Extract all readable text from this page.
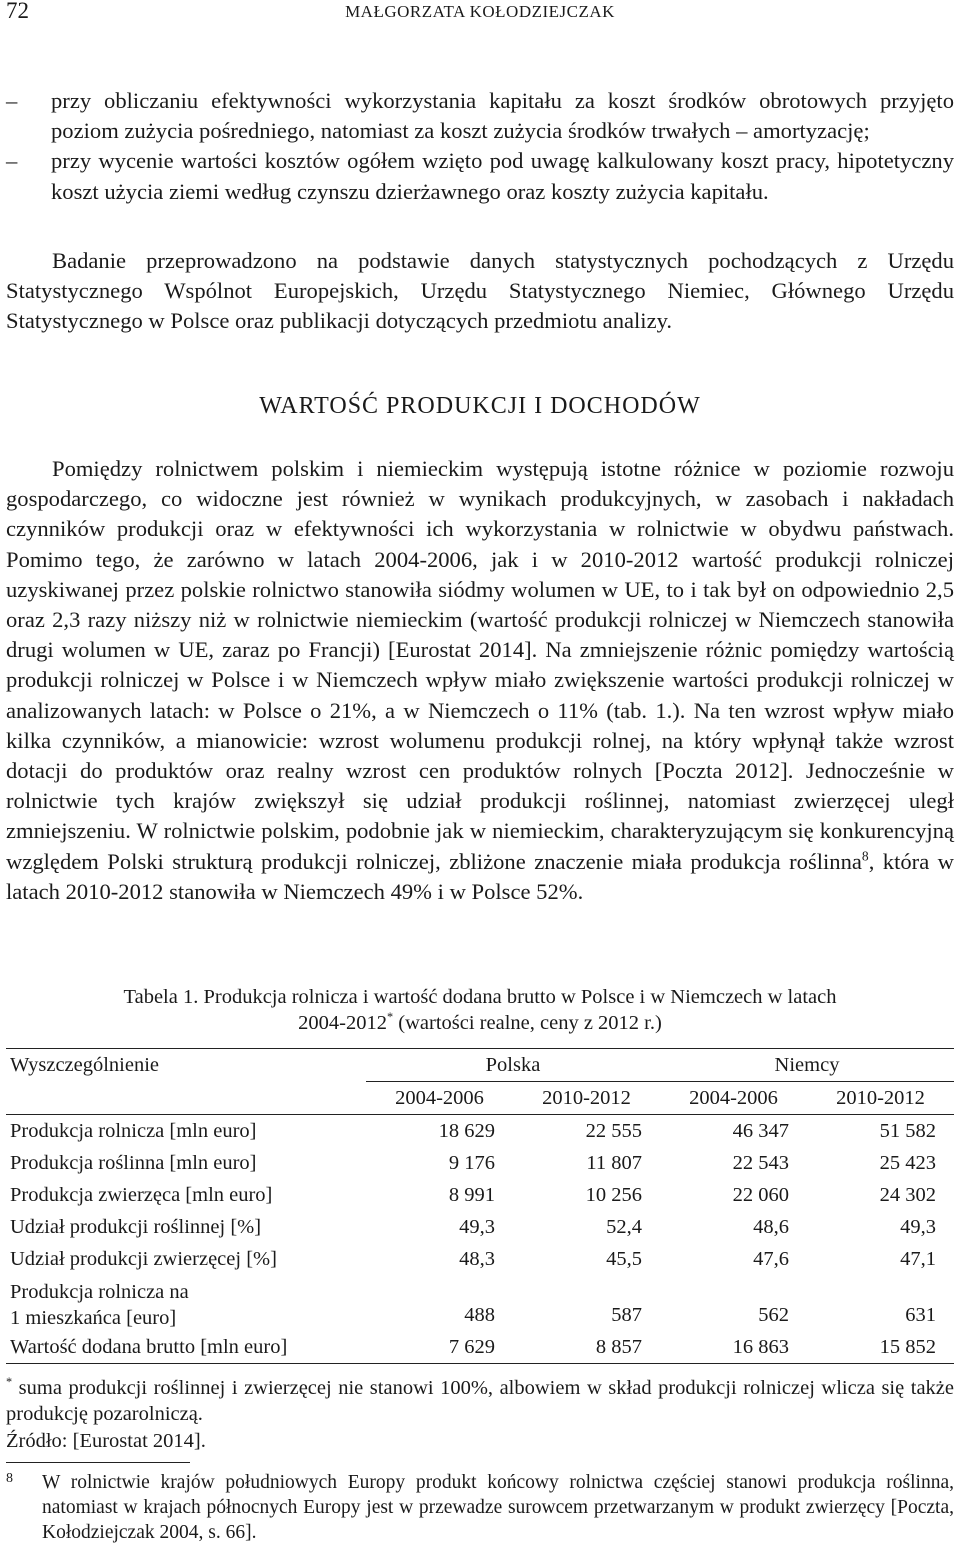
72	MAŁGORZATA KOŁODZIEJCZAK
– przy obliczaniu efektywności wykorzystania kapitału za koszt środków obrotowych przyjęto poziom zużycia pośredniego, natomiast za koszt zużycia środków trwałych – amortyzację;
– przy wycenie wartości kosztów ogółem wzięto pod uwagę kalkulowany koszt pracy, hipotetyczny koszt użycia ziemi według czynszu dzierżawnego oraz koszty zużycia kapitału.

Badanie przeprowadzono na podstawie danych statystycznych pochodzących z Urzędu Statystycznego Wspólnot Europejskich, Urzędu Statystycznego Niemiec, Głównego Urzędu Statystycznego w Polsce oraz publikacji dotyczących przedmiotu analizy.

WARTOŚĆ PRODUKCJI I DOCHODÓW

Pomiędzy rolnictwem polskim i niemieckim występują istotne różnice w poziomie rozwoju gospodarczego, co widoczne jest również w wynikach produkcyjnych, w zasobach i nakładach czynników produkcji oraz w efektywności ich wykorzystania w rolnictwie w obydwu państwach. Pomimo tego, że zarówno w latach 2004-2006, jak i w 2010-2012 wartość produkcji rolniczej uzyskiwanej przez polskie rolnictwo stanowiła siódmy wolumen w UE, to i tak był on odpowiednio 2,5 oraz 2,3 razy niższy niż w rolnictwie niemieckim (wartość produkcji rolniczej w Niemczech stanowiła drugi wolumen w UE, zaraz po Francji) [Eurostat 2014]. Na zmniejszenie różnic pomiędzy wartością produkcji rolniczej w Polsce i w Niemczech wpływ miało zwiększenie wartości produkcji rolniczej w analizowanych latach: w Polsce o 21%, a w Niemczech o 11% (tab. 1.). Na ten wzrost wpływ miało kilka czynników, a mianowicie: wzrost wolumenu produkcji rolnej, na który wpłynął także wzrost dotacji do produktów oraz realny wzrost cen produktów rolnych [Poczta 2012]. Jednocześnie w rolnictwie tych krajów zwiększył się udział produkcji roślinnej, natomiast zwierzęcej uległ zmniejszeniu. W rolnictwie polskim, podobnie jak w niemieckim, charakteryzującym się konkurencyjną względem Polski strukturą produkcji rolniczej, zbliżone znaczenie miała produkcja roślinna$^8$, która w latach 2010-2012 stanowiła w Niemczech 49% i w Polsce 52%.

Tabela 1. Produkcja rolnicza i wartość dodana brutto w Polsce i w Niemczech w latach
2004-2012* (wartości realne, ceny z 2012 r.)
Wyszczególnienie	Polska		Niemcy	
	2004-2006	2010-2012	2004-2006	2010-2012
Produkcja rolnicza [mln euro]	18 629	22 555	46 347	51 582
Produkcja roślinna [mln euro]	9 176	11 807	22 543	25 423
Produkcja zwierzęca [mln euro]	8 991	10 256	22 060	24 302
Udział produkcji roślinnej [%]	49,3	52,4	48,6	49,3
Udział produkcji zwierzęcej [%]	48,3	45,5	47,6	47,1

Produkcja rolnicza na
1 mieszkańca [euro]	488	587	562	631
Wartość dodana brutto [mln euro]	7 629	8 857	16 863	15 852
* suma produkcji roślinnej i zwierzęcej nie stanowi 100%, albowiem w skład produkcji rolniczej wlicza się także produkcję pozarolniczą.
Źródło: [Eurostat 2014].
8 W rolnictwie krajów południowych Europy produkt końcowy rolnictwa częściej stanowi produkcja roślinna, natomiast w krajach północnych Europy jest w przewadze surowcem przetwarzanym w produkt zwierzęcy [Poczta, Kołodziejczak 2004, s. 66].
